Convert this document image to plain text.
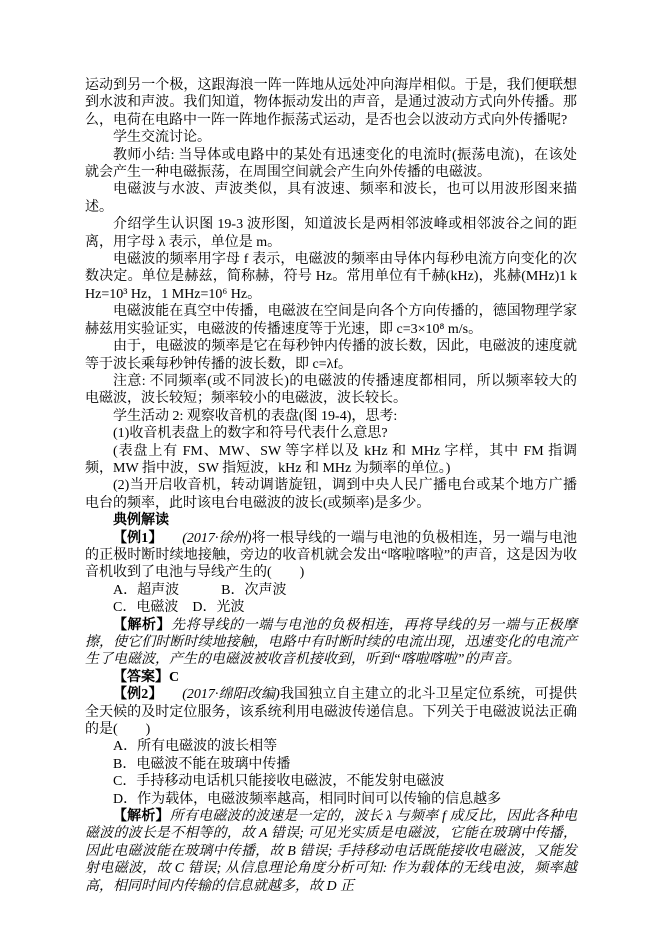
运动到另一个极，这跟海浪一阵一阵地从远处冲向海岸相似。于是，我们便联想到水波和声波。我们知道，物体振动发出的声音，是通过波动方式向外传播。那么，电荷在电路中一阵一阵地作振荡式运动，是否也会以波动方式向外传播呢?

学生交流讨论。

教师小结: 当导体或电路中的某处有迅速变化的电流时(振荡电流)，在该处就会产生一种电磁振荡，在周围空间就会产生向外传播的电磁波。

电磁波与水波、声波类似，具有波速、频率和波长，也可以用波形图来描述。

介绍学生认识图 19-3 波形图，知道波长是两相邻波峰或相邻波谷之间的距离，用字母 λ 表示，单位是 m。

电磁波的频率用字母 f 表示，电磁波的频率由导体内每秒电流方向变化的次数决定。单位是赫兹，简称赫，符号 Hz。常用单位有千赫(kHz)，兆赫(MHz)1 kHz=10³ Hz，1 MHz=10⁶ Hz。

电磁波能在真空中传播，电磁波在空间是向各个方向传播的，德国物理学家赫兹用实验证实，电磁波的传播速度等于光速，即 c=3×10⁸ m/s。

由于，电磁波的频率是它在每秒钟内传播的波长数，因此，电磁波的速度就等于波长乘每秒钟传播的波长数，即 c=λf。

注意: 不同频率(或不同波长)的电磁波的传播速度都相同，所以频率较大的电磁波，波长较短；频率较小的电磁波，波长较长。

学生活动 2: 观察收音机的表盘(图 19-4)，思考:

(1)收音机表盘上的数字和符号代表什么意思?

(表盘上有 FM、MW、SW 等字样以及 kHz 和 MHz 字样，其中 FM 指调频，MW 指中波，SW 指短波，kHz 和 MHz 为频率的单位。)

(2)当开启收音机，转动调谐旋钮，调到中央人民广播电台或某个地方广播电台的频率，此时该电台电磁波的波长(或频率)是多少。

典例解读

【例1】 (2017·徐州)将一根导线的一端与电池的负极相连，另一端与电池的正极时断时续地接触，旁边的收音机就会发出“喀啦喀啦”的声音，这是因为收音机收到了电池与导线产生的(　　)

A．超声波　　　B．次声波

C．电磁波　D．光波

【解析】先将导线的一端与电池的负极相连，再将导线的另一端与正极摩擦，使它们时断时续地接触，电路中有时断时续的电流出现，迅速变化的电流产生了电磁波，产生的电磁波被收音机接收到，听到“喀啦喀啦”的声音。

【答案】C

【例2】 (2017·绵阳改编)我国独立自主建立的北斗卫星定位系统，可提供全天候的及时定位服务，该系统利用电磁波传递信息。下列关于电磁波说法正确的是(　　)

A．所有电磁波的波长相等

B．电磁波不能在玻璃中传播

C．手持移动电话机只能接收电磁波，不能发射电磁波

D．作为载体，电磁波频率越高，相同时间可以传输的信息越多

【解析】所有电磁波的波速是一定的，波长 λ 与频率 f 成反比，因此各种电磁波的波长是不相等的，故 A 错误; 可见光实质是电磁波，它能在玻璃中传播，因此电磁波能在玻璃中传播，故 B 错误; 手持移动电话既能接收电磁波，又能发射电磁波，故 C 错误; 从信息理论角度分析可知: 作为载体的无线电波，频率越高，相同时间内传输的信息就越多，故 D 正
